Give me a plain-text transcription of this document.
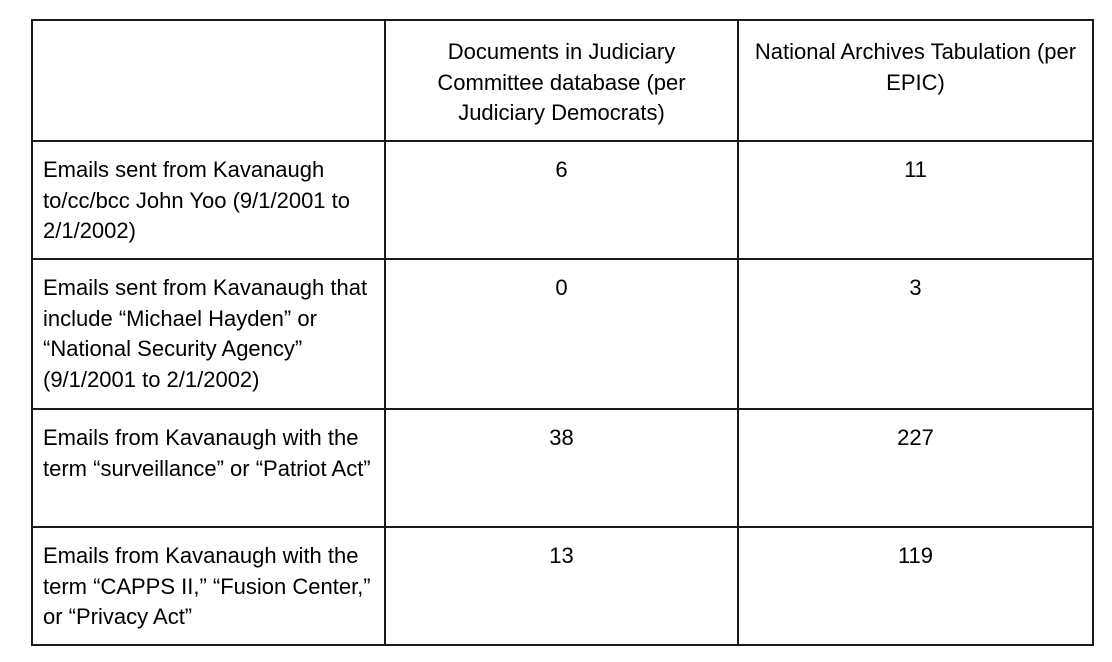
	Documents in Judiciary Committee database (per Judiciary Democrats)	National Archives Tabulation (per EPIC)

Emails sent from Kavanaugh to/cc/bcc John Yoo (9/1/2001 to 2/1/2002)	6	11

Emails sent from Kavanaugh that include “Michael Hayden” or “National Security Agency” (9/1/2001 to 2/1/2002)	0	3

Emails from Kavanaugh with the term “surveillance” or “Patriot Act”	38	227

Emails from Kavanaugh with the term “CAPPS II,” “Fusion Center,” or “Privacy Act”	13	119
